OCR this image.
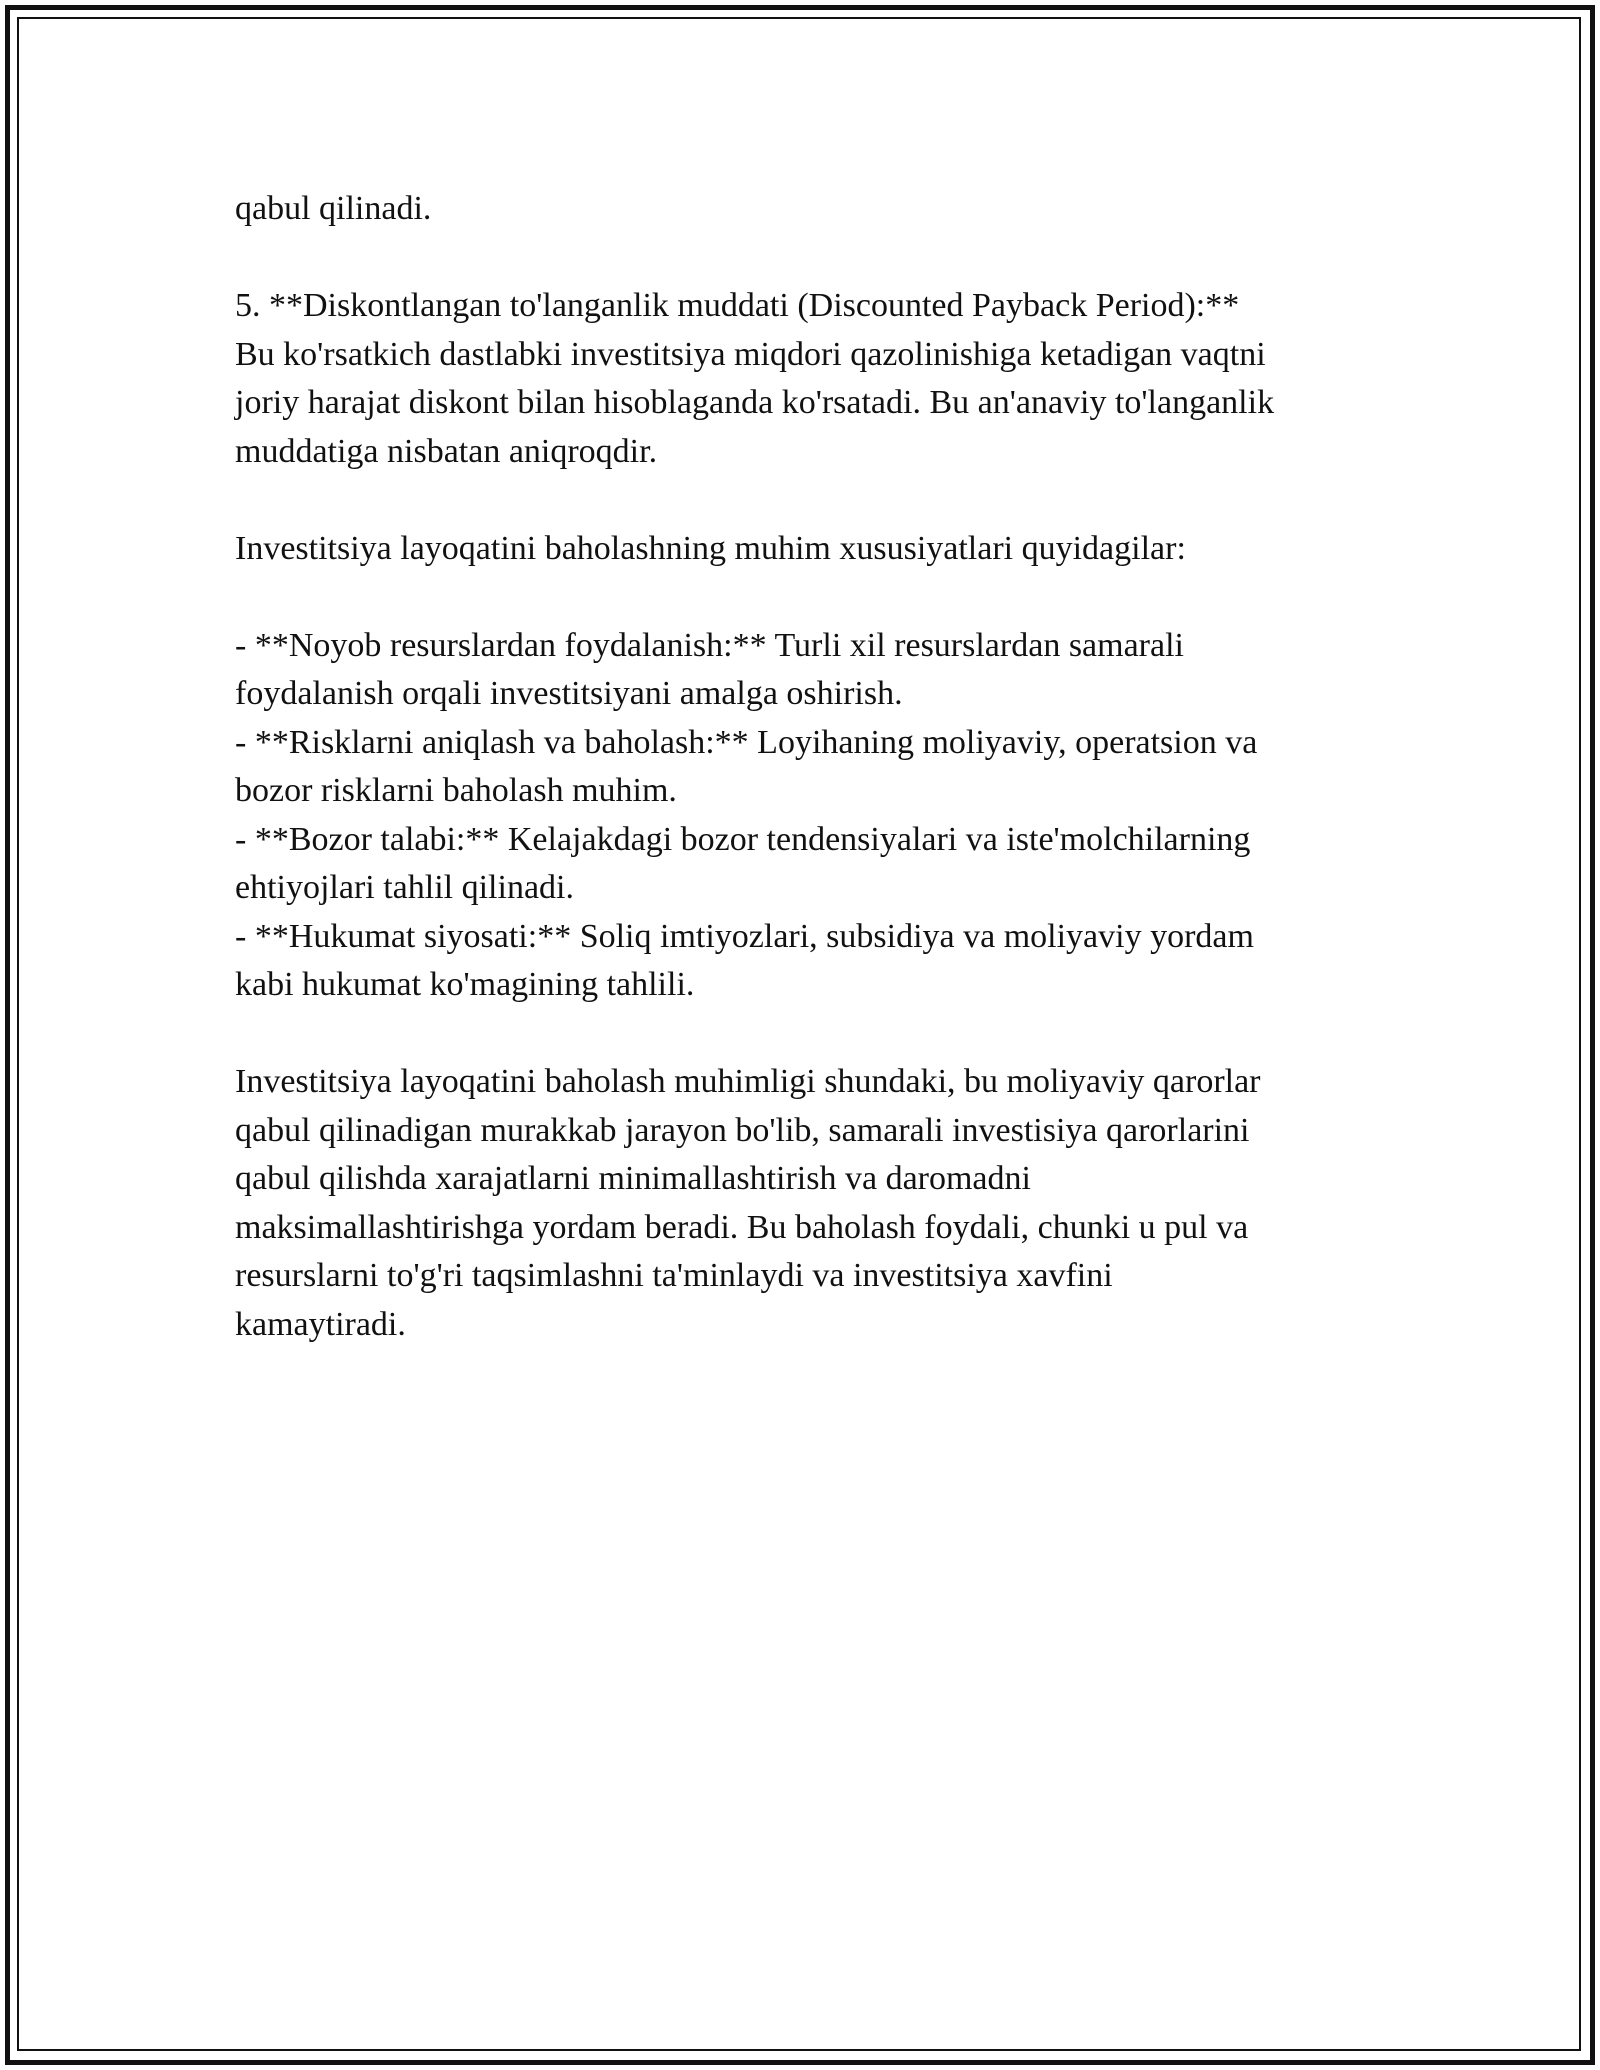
qabul qilinadi.

5. **Diskontlangan to'langanlik muddati (Discounted Payback Period):**

Bu ko'rsatkich dastlabki investitsiya miqdori qazolinishiga ketadigan vaqtni

joriy harajat diskont bilan hisoblaganda ko'rsatadi. Bu an'anaviy to'langanlik

muddatiga nisbatan aniqroqdir.

Investitsiya layoqatini baholashning muhim xususiyatlari quyidagilar:

- **Noyob resurslardan foydalanish:** Turli xil resurslardan samarali

foydalanish orqali investitsiyani amalga oshirish.

- **Risklarni aniqlash va baholash:** Loyihaning moliyaviy, operatsion va

bozor risklarni baholash muhim.

- **Bozor talabi:** Kelajakdagi bozor tendensiyalari va iste'molchilarning

ehtiyojlari tahlil qilinadi.

- **Hukumat siyosati:** Soliq imtiyozlari, subsidiya va moliyaviy yordam

kabi hukumat ko'magining tahlili.

Investitsiya layoqatini baholash muhimligi shundaki, bu moliyaviy qarorlar

qabul qilinadigan murakkab jarayon bo'lib, samarali investisiya qarorlarini

qabul qilishda xarajatlarni minimallashtirish va daromadni

maksimallashtirishga yordam beradi. Bu baholash foydali, chunki u pul va

resurslarni to'g'ri taqsimlashni ta'minlaydi va investitsiya xavfini

kamaytiradi.
